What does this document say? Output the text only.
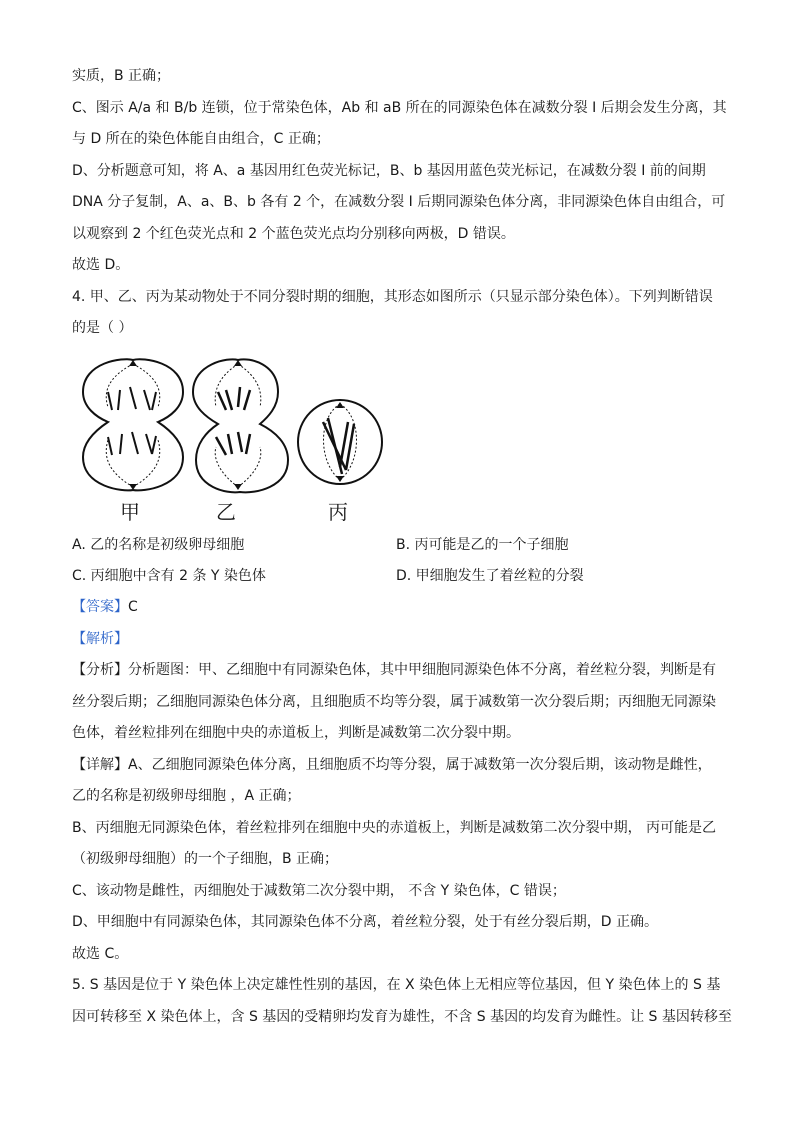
实质，B 正确；
C、图示 A/a 和 B/b 连锁，位于常染色体，Ab 和 aB 所在的同源染色体在减数分裂 I 后期会发生分离，其
与 D 所在的染色体能自由组合，C 正确；
D、分析题意可知，将 A、a 基因用红色荧光标记，B、b 基因用蓝色荧光标记，在减数分裂 I 前的间期
DNA 分子复制，A、a、B、b 各有 2 个，在减数分裂 I 后期同源染色体分离，非同源染色体自由组合，可
以观察到 2 个红色荧光点和 2 个蓝色荧光点均分别移向两极，D 错误。
故选 D。
4. 甲、乙、丙为某动物处于不同分裂时期的细胞，其形态如图所示（只显示部分染色体）。下列判断错误
的是（ ）
甲	乙	丙
A. 乙的名称是初级卵母细胞	B. 丙可能是乙的一个子细胞
C. 丙细胞中含有 2 条 Y 染色体	D. 甲细胞发生了着丝粒的分裂
【答案】C
【解析】
【分析】分析题图：甲、乙细胞中有同源染色体，其中甲细胞同源染色体不分离，着丝粒分裂，判断是有
丝分裂后期；乙细胞同源染色体分离，且细胞质不均等分裂，属于减数第一次分裂后期；丙细胞无同源染
色体，着丝粒排列在细胞中央的赤道板上，判断是减数第二次分裂中期。
【详解】A、乙细胞同源染色体分离，且细胞质不均等分裂，属于减数第一次分裂后期，该动物是雌性，
乙的名称是初级卵母细胞 ，A 正确；
B、丙细胞无同源染色体，着丝粒排列在细胞中央的赤道板上，判断是减数第二次分裂中期， 丙可能是乙
（初级卵母细胞）的一个子细胞，B 正确；
C、该动物是雌性，丙细胞处于减数第二次分裂中期， 不含 Y 染色体，C 错误；
D、甲细胞中有同源染色体，其同源染色体不分离，着丝粒分裂，处于有丝分裂后期，D 正确。
故选 C。
5. S 基因是位于 Y 染色体上决定雄性性别的基因，在 X 染色体上无相应等位基因，但 Y 染色体上的 S 基
因可转移至 X 染色体上，含 S 基因的受精卵均发育为雄性，不含 S 基因的均发育为雌性。让 S 基因转移至
